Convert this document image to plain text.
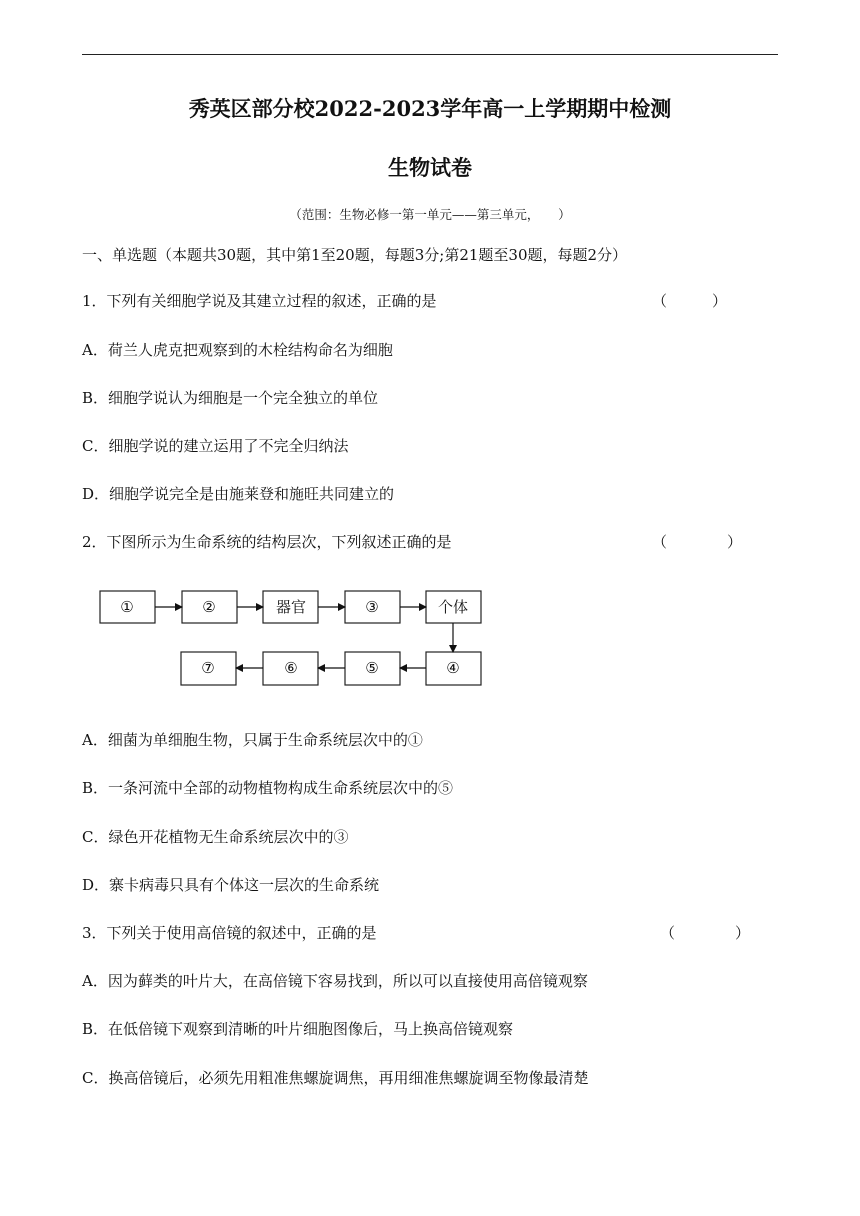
秀英区部分校2022-2023学年高一上学期期中检测
生物试卷
（范围：生物必修一第一单元——第三单元，　　）
一、单选题（本题共30题，其中第1至20题，每题3分;第21题至30题，每题2分）
1．下列有关细胞学说及其建立过程的叙述，正确的是	（　　　）
A．荷兰人虎克把观察到的木栓结构命名为细胞
B．细胞学说认为细胞是一个完全独立的单位
C．细胞学说的建立运用了不完全归纳法
D．细胞学说完全是由施莱登和施旺共同建立的
2．下图所示为生命系统的结构层次，下列叙述正确的是	（　　　　）
①	②	器官	③	个体
⑦	⑥	⑤	④
A．细菌为单细胞生物，只属于生命系统层次中的①
B．一条河流中全部的动物植物构成生命系统层次中的⑤
C．绿色开花植物无生命系统层次中的③
D．寨卡病毒只具有个体这一层次的生命系统
3．下列关于使用高倍镜的叙述中，正确的是	（　　　　）
A．因为藓类的叶片大，在高倍镜下容易找到，所以可以直接使用高倍镜观察
B．在低倍镜下观察到清晰的叶片细胞图像后，马上换高倍镜观察
C．换高倍镜后，必须先用粗准焦螺旋调焦，再用细准焦螺旋调至物像最清楚
